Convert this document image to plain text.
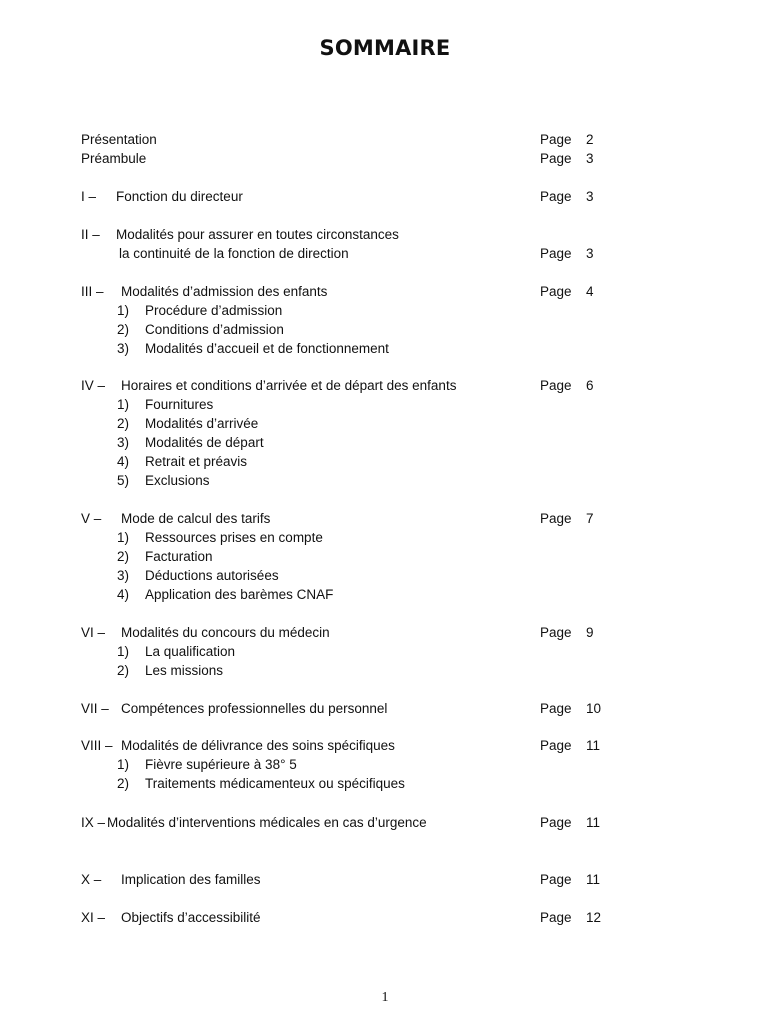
SOMMAIRE
Présentation	Page 2
Préambule	Page 3
I – Fonction du directeur	Page 3
II – Modalités pour assurer en toutes circonstances
la continuité de la fonction de direction	Page 3
III – Modalités d’admission des enfants	Page 4
1) Procédure d’admission
2) Conditions d’admission
3) Modalités d’accueil et de fonctionnement
IV – Horaires et conditions d’arrivée et de départ des enfants	Page 6
1) Fournitures
2) Modalités d’arrivée
3) Modalités de départ
4) Retrait et préavis
5) Exclusions
V – Mode de calcul des tarifs	Page 7
1) Ressources prises en compte
2) Facturation
3) Déductions autorisées
4) Application des barèmes CNAF
VI – Modalités du concours du médecin	Page 9
1) La qualification
2) Les missions
VII – Compétences professionnelles du personnel	Page 10
VIII – Modalités de délivrance des soins spécifiques	Page 11
1) Fièvre supérieure à 38° 5
2) Traitements médicamenteux ou spécifiques
IX – Modalités d’interventions médicales en cas d’urgence	Page 11
X – Implication des familles	Page 11
XI – Objectifs d’accessibilité	Page 12
1
